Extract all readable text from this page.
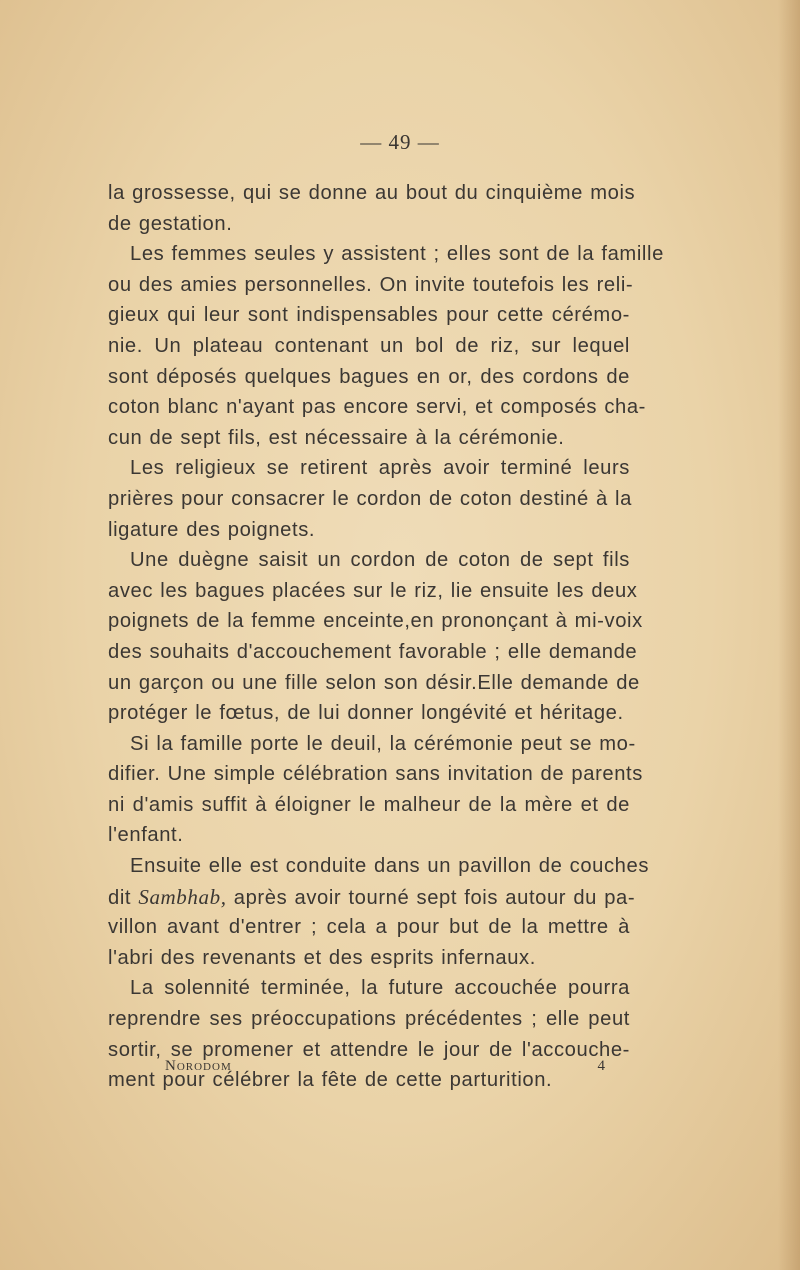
— 49 —
la grossesse, qui se donne au bout du cinquième mois
de gestation.
Les femmes seules y assistent ; elles sont de la famille
ou des amies personnelles. On invite toutefois les reli-
gieux qui leur sont indispensables pour cette cérémo-
nie. Un plateau contenant un bol de riz, sur lequel
sont déposés quelques bagues en or, des cordons de
coton blanc n'ayant pas encore servi, et composés cha-
cun de sept fils, est nécessaire à la cérémonie.
Les religieux se retirent après avoir terminé leurs
prières pour consacrer le cordon de coton destiné à la
ligature des poignets.
Une duègne saisit un cordon de coton de sept fils
avec les bagues placées sur le riz, lie ensuite les deux
poignets de la femme enceinte,en prononçant à mi-voix
des souhaits d'accouchement favorable ; elle demande
un garçon ou une fille selon son désir.Elle demande de
protéger le fœtus, de lui donner longévité et héritage.
Si la famille porte le deuil, la cérémonie peut se mo-
difier. Une simple célébration sans invitation de parents
ni d'amis suffit à éloigner le malheur de la mère et de
l'enfant.
Ensuite elle est conduite dans un pavillon de couches
dit Sambhab, après avoir tourné sept fois autour du pa-
villon avant d'entrer ; cela a pour but de la mettre à
l'abri des revenants et des esprits infernaux.
La solennité terminée, la future accouchée pourra
reprendre ses préoccupations précédentes ; elle peut
sortir, se promener et attendre le jour de l'accouche-
ment pour célébrer la fête de cette parturition.
Norodom	4
